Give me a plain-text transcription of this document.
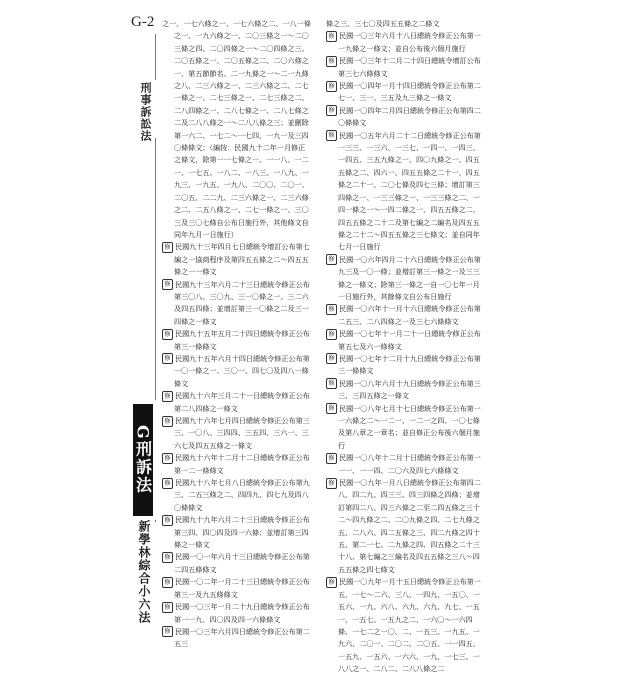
G-2
刑事訴訟法
G刑訴法
新學林綜合小六法

之一、一七六條之一、一七六條之二、一八一條之一、一九六條之一、二〇三條之一～二〇三條之四、二〇四條之一～二〇四條之三、二〇五條之一、二〇五條之二、二〇六條之一、第五節節名、二一九條之一～二一九條之八、二三六條之一、二三六條之二、二七一條之一、二七三條之一、二七三條之二、二八四條之一、二八七條之一、二八七條之二及二八八條之一～二八八條之三；並刪除第一六二、一七二～一七四、一九一及三四〇條條文；（編按：民國九十二年一月修正之條文，除第一一七條之一、一一八、一二一、一七五、一八二、一八三、一八九、一九三、一九五、一九八、二〇〇、二〇一、二〇五、二二九、二三六條之一、二三六條之二、二五八條之一、二七一條之一、三〇三及三〇七條自公布日施行外，其他條文自同年九月一日施行）

修 民國九十三年四月七日總統令增訂公布第七編之一協商程序及第四五五條之二～四五五條之一一條文

修 民國九十三年六月二十三日總統令修正公布第三〇八、三〇九、三一〇條之一、三二六及四五四條；並增訂第三一〇條之二及三一四條之一條文

修 民國九十五年五月二十四日總統令修正公布第三一條條文

修 民國九十五年六月十四日總統令修正公布第一〇一條之一、三〇一、四七〇及四八一條條文

修 民國九十六年三月二十一日總統令修正公布第二八四條之一條文

修 民國九十六年七月四日總統令修正公布第三三、一〇八、三四四、三五四、三六一、三六七及四五五條之一條文

修 民國九十六年十二月十二日總統令修正公布第一二一條條文

修 民國九十八年七月八日總統令修正公布第九三、二五三條之二、四四九、四七九及四八〇條條文

修 民國九十九年六月二十三日總統令修正公布第三四、四〇四及四一六條；並增訂第三四條之一條文

修 民國一〇一年六月十三日總統令修正公布第二四五條條文

修 民國一〇二年一月二十三日總統令修正公布第三一及九五條條文

修 民國一〇三年一月二十九日總統令修正公布第一一九、四〇四及四一六條條文

修 民國一〇三年六月四日總統令修正公布第二五三

條之三、三七〇及四五五條之二條文

修 民國一〇三年六月十八日總統令修正公布第一一九條之一條文；並自公布後六個月施行

修 民國一〇三年十二月二十四日總統令增訂公布第三七六條條文

修 民國一〇四年一月十四日總統令修正公布第二七一、三一、三五及九三條之一條文

修 民國一〇四年二月四日總統令修正公布第四二〇條條文

修 民國一〇五年六月二十二日總統令修正公布第一三三、一三六、一三七、一四一、一四三、一四五、三五九條之一、四〇九條之一、四五五條之二、四六一、四五五條之二十一、四五條之二十一、二〇七條及四七三條；增訂第三四條之一、一三三條之一、一三三條之二、一四一條之一～一四二條之一、四五五條之二、四五五條之二十二及第七編之二編名及四五五條之二十二～四五五條之三七條文；並自同年七月一日施行

修 民國一〇六年四月二十六日總統令修正公布第九三及一〇一條；並增訂第三一條之一及三三條之一條文；除第三一條之一自一〇七年一月一日施行外，其餘條文自公布日施行

修 民國一〇六年十一月十六日總統令修正公布第二五三、二八四條之一及三七六條條文

修 民國一〇七年十一月二十一日總統令修正公布第五七及六一條條文

修 民國一〇七年十二月十九日總統令修正公布第三一條條文

修 民國一〇八年六月十九日總統令修正公布第三三、三四五條之一條文

修 民國一〇八年七月十七日總統令修正公布第一一六條之二～一二一、一二一之四、一〇七條及第八章之一章名；並自修正公布後六個月施行

修 民國一〇八年十二月十日總統令修正公布第一一一、一一四、二〇六及四七六條條文

修 民國一〇九年一月八日總統令修正公布第四二八、四二九、四三三、四三四條之四條；並增訂第四二八、四三六條之二至二四五條之三十二～四九條之二、二〇九條之四、二七九條之五、二八六、四二五條之三、四二九條之四十五、第二一七、二九條之四、四五條之二十三十八、第七編之三編名及四五五條之三八～四五五條之四七條文

修 民國一〇九年一月十五日總統令修正公布第一五、一七～二六、三八、一四九、一五〇、一五六、一九、六八、六九、六九、九七、一五一、一五七、一五九之二、一六〇～一六四條、一七二之一〇、二、一五三、一九五、一九六、二〇一、二〇二、二〇五、一一四五、一五九、一五六、一六六、一九、一七三、一八八之一、二八二、二八八條之二
